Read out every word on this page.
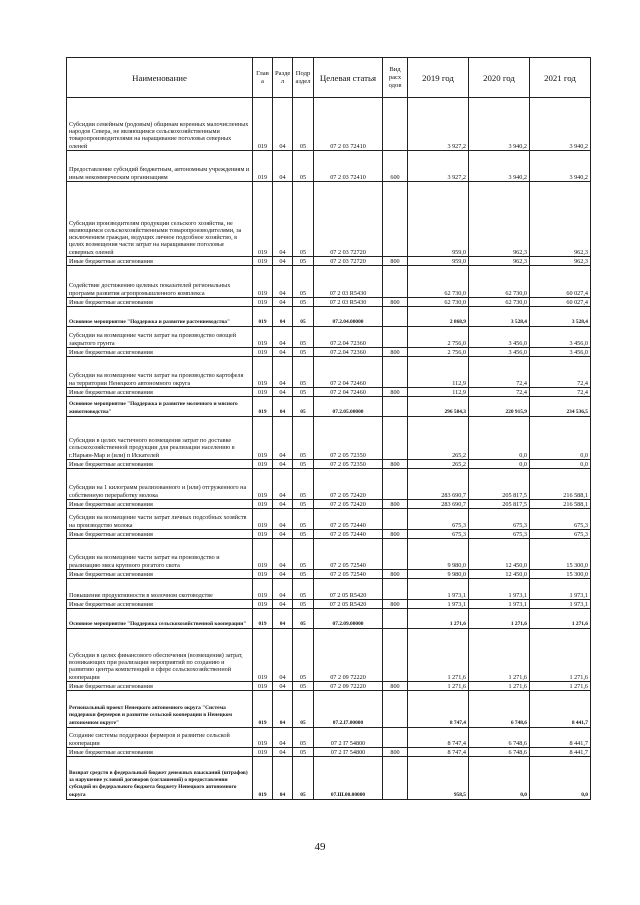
Наименование	Глав а	Разде л	Подр аздел	Целевая статья	Вид расх одов	2019 год	2020 год	2021 год
Субсидии семейным (родовым) общинам коренных малочисленных народов Севера, не являющимся сельскохозяйственными товаропроизводителями на наращивание поголовья северных оленей	019	04	05	07 2 03 72410		3 927,2	3 940,2	3 940,2
Предоставление субсидий бюджетным, автономным учреждениям и иным некоммерческим организациям	019	04	05	07 2 03 72410	600	3 927,2	3 940,2	3 940,2
Субсидии производителям продукции сельского хозяйства, не являющимся сельскохозяйственными товаропроизводителями, за исключением граждан, ведущих личное подсобное хозяйство, в целях возмещения части затрат на наращивание поголовья северных оленей	019	04	05	07 2 03 72720		959,0	962,3	962,3
Иные бюджетные ассигнования	019	04	05	07 2 03 72720	800	959,0	962,3	962,3
Содействие достижению целевых показателей региональных программ развития агропромышленного комплекса	019	04	05	07 2 03 R5430		62 730,0	62 730,0	60 027,4
Иные бюджетные ассигнования	019	04	05	07 2 03 R5430	800	62 730,0	62 730,0	60 027,4
Основное мероприятие "Поддержка и развитие растениеводства"	019	04	05	07.2.04.00000		2 868,9	3 528,4	3 528,4
Субсидии на возмещение части затрат на производство овощей закрытого грунта	019	04	05	07.2.04 72360		2 756,0	3 456,0	3 456,0
Иные бюджетные ассигнования	019	04	05	07.2.04 72360	800	2 756,0	3 456,0	3 456,0
Субсидии на возмещение части затрат на производство картофеля на территории Ненецкого автономного округа	019	04	05	07 2 04 72460		112,9	72,4	72,4
Иные бюджетные ассигнования	019	04	05	07 2 04 72460	800	112,9	72,4	72,4
Основное мероприятие "Поддержка и развитие молочного и мясного животноводства"	019	04	05	07.2.05.00000		296 584,3	220 915,9	234 536,5
Субсидии в целях частичного возмещения затрат по доставке сельскохозяйственной продукции для реализации населению в г.Нарьян-Мар и (или) п Искателей	019	04	05	07 2 05 72350		265,2	0,0	0,0
Иные бюджетные ассигнования	019	04	05	07 2 05 72350	800	265,2	0,0	0,0
Субсидии на 1 килограмм реализованного и (или) отгруженного на собственную переработку молока	019	04	05	07 2 05 72420		283 690,7	205 817,5	216 588,1
Иные бюджетные ассигнования	019	04	05	07 2 05 72420	800	283 690,7	205 817,5	216 588,1
Субсидии на возмещение части затрат личных подсобных хозяйств на производство молока	019	04	05	07 2 05 72440		675,3	675,3	675,3
Иные бюджетные ассигнования	019	04	05	07 2 05 72440	800	675,3	675,3	675,3
Субсидии на возмещение части затрат на производство и реализацию мяса крупного рогатого скота	019	04	05	07 2 05 72540		9 980,0	12 450,0	15 300,0
Иные бюджетные ассигнования	019	04	05	07 2 05 72540	800	9 980,0	12 450,0	15 300,0
Повышение продуктивности в молочном скотоводстве	019	04	05	07 2 05 R5420		1 973,1	1 973,1	1 973,1
Иные бюджетные ассигнования	019	04	05	07 2 05 R5420	800	1 973,1	1 973,1	1 973,1
Основное мероприятие "Поддержка сельскохозяйственной кооперации"	019	04	05	07.2.09.00000		1 271,6	1 271,6	1 271,6
Субсидии в целях финансового обеспечения (возмещения) затрат, возникающих при реализации мероприятий по созданию и развитию центра компетенций в сфере сельскохозяйственной кооперации	019	04	05	07 2 09 72220		1 271,6	1 271,6	1 271,6
Иные бюджетные ассигнования	019	04	05	07 2 09 72220	800	1 271,6	1 271,6	1 271,6
Региональный проект Ненецкого автономного округа "Система поддержки фермеров и развитие сельской кооперации в Ненецком автономном округе"	019	04	05	07.2.I7.00000		8 747,4	6 748,6	8 441,7
Создание системы поддержки фермеров и развитие сельской кооперации	019	04	05	07 2 I7 54800		8 747,4	6 748,6	8 441,7
Иные бюджетные ассигнования	019	04	05	07 2 I7 54800	800	8 747,4	6 748,6	8 441,7
Возврат средств в федеральный бюджет денежных взысканий (штрафов) за нарушение условий договоров (соглашений) о предоставлении субсидий из федерального бюджета бюджету Ненецкого автономного округа	019	04	05	07.Ш.00.00000		958,5	0,0	0,0
49
